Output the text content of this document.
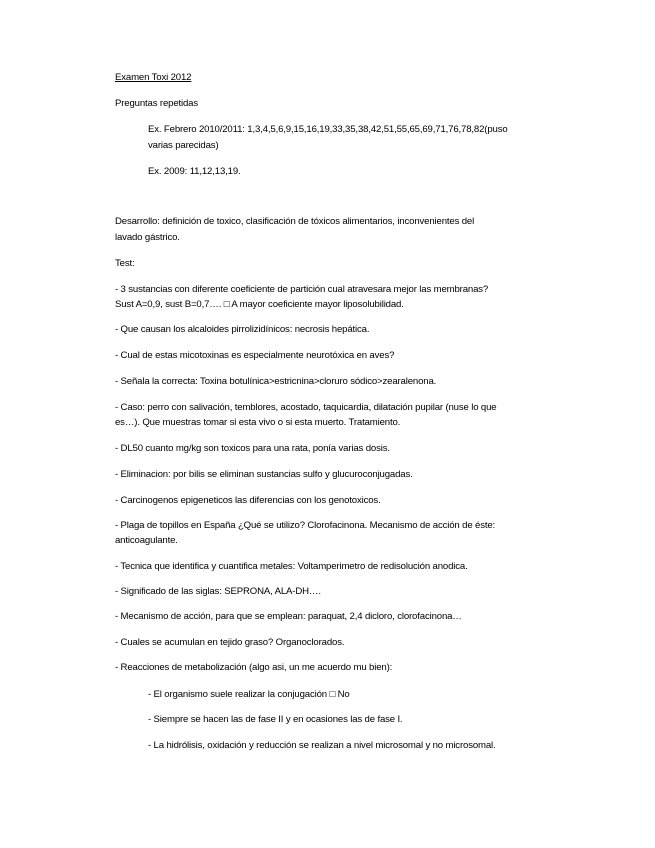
Examen Toxi 2012
Preguntas repetidas
Ex. Febrero 2010/2011: 1,3,4,5,6,9,15,16,19,33,35,38,42,51,55,65,69,71,76,78,82(puso
varias parecidas)
Ex. 2009: 11,12,13,19.
Desarrollo: definición de toxico, clasificación de tóxicos alimentarios, inconvenientes del
lavado gástrico.
Test:
- 3 sustancias con diferente coeficiente de partición cual atravesara mejor las membranas?
Sust A=0,9, sust B=0,7…. □ A mayor coeficiente mayor liposolubilidad.
- Que causan los alcaloides pirrolizidínicos: necrosis hepática.
- Cual de estas micotoxinas es especialmente neurotóxica en aves?
- Señala la correcta: Toxina botulínica>estricnina>cloruro sódico>zearalenona.
- Caso: perro con salivación, temblores, acostado, taquicardia, dilatación pupilar (nuse lo que
es…). Que muestras tomar si esta vivo o si esta muerto. Tratamiento.
- DL50 cuanto mg/kg son toxicos para una rata, ponía varias dosis.
- Eliminacion: por bilis se eliminan sustancias sulfo y glucuroconjugadas.
- Carcinogenos epigeneticos las diferencias con los genotoxicos.
- Plaga de topillos en España ¿Qué se utilizo? Clorofacinona. Mecanismo de acción de éste:
anticoagulante.
- Tecnica que identifica y cuantifica metales: Voltamperimetro de redisolución anodica.
- Significado de las siglas: SEPRONA, ALA-DH….
- Mecanismo de acción, para que se emplean: paraquat, 2,4 dicloro, clorofacinona…
- Cuales se acumulan en tejido graso? Organoclorados.
- Reacciones de metabolización (algo asi, un me acuerdo mu bien):
- El organismo suele realizar la conjugación □ No
- Siempre se hacen las de fase II y en ocasiones las de fase I.
- La hidrólisis, oxidación y reducción se realizan a nivel microsomal y no microsomal.
